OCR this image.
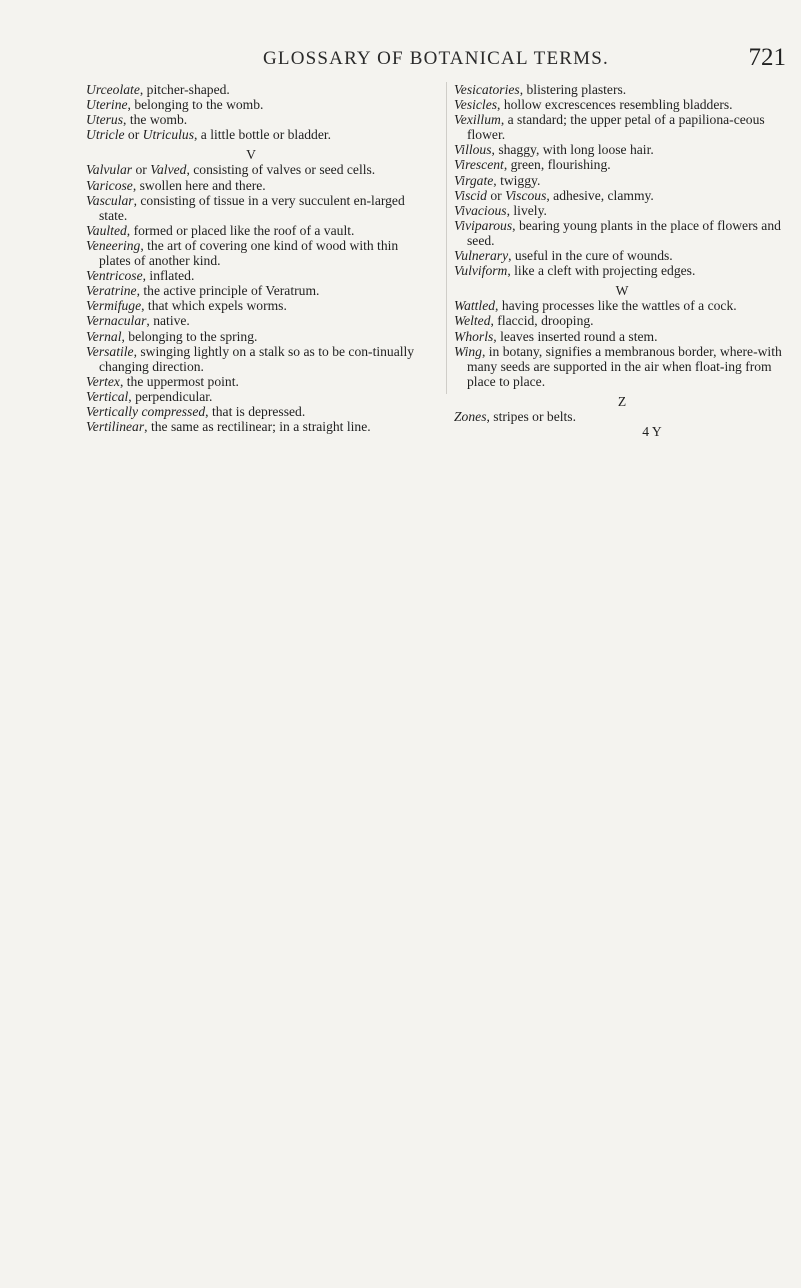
GLOSSARY OF BOTANICAL TERMS.	721

Urceolate, pitcher-shaped.

Uterine, belonging to the womb.

Uterus, the womb.

Utricle or Utriculus, a little bottle or bladder.

V

Valvular or Valved, consisting of valves or seed cells.

Varicose, swollen here and there.

Vascular, consisting of tissue in a very succulent en-larged state.

Vaulted, formed or placed like the roof of a vault.

Veneering, the art of covering one kind of wood with thin plates of another kind.

Ventricose, inflated.

Veratrine, the active principle of Veratrum.

Vermifuge, that which expels worms.

Vernacular, native.

Vernal, belonging to the spring.

Versatile, swinging lightly on a stalk so as to be con-tinually changing direction.

Vertex, the uppermost point.

Vertical, perpendicular.

Vertically compressed, that is depressed.

Vertilinear, the same as rectilinear; in a straight line.

Vesicatories, blistering plasters.

Vesicles, hollow excrescences resembling bladders.

Vexillum, a standard; the upper petal of a papiliona-ceous flower.

Villous, shaggy, with long loose hair.

Virescent, green, flourishing.

Virgate, twiggy.

Viscid or Viscous, adhesive, clammy.

Vivacious, lively.

Viviparous, bearing young plants in the place of flowers and seed.

Vulnerary, useful in the cure of wounds.

Vulviform, like a cleft with projecting edges.

W

Wattled, having processes like the wattles of a cock.

Welted, flaccid, drooping.

Whorls, leaves inserted round a stem.

Wing, in botany, signifies a membranous border, where-with many seeds are supported in the air when float-ing from place to place.

Z

Zones, stripes or belts.

4 Y
